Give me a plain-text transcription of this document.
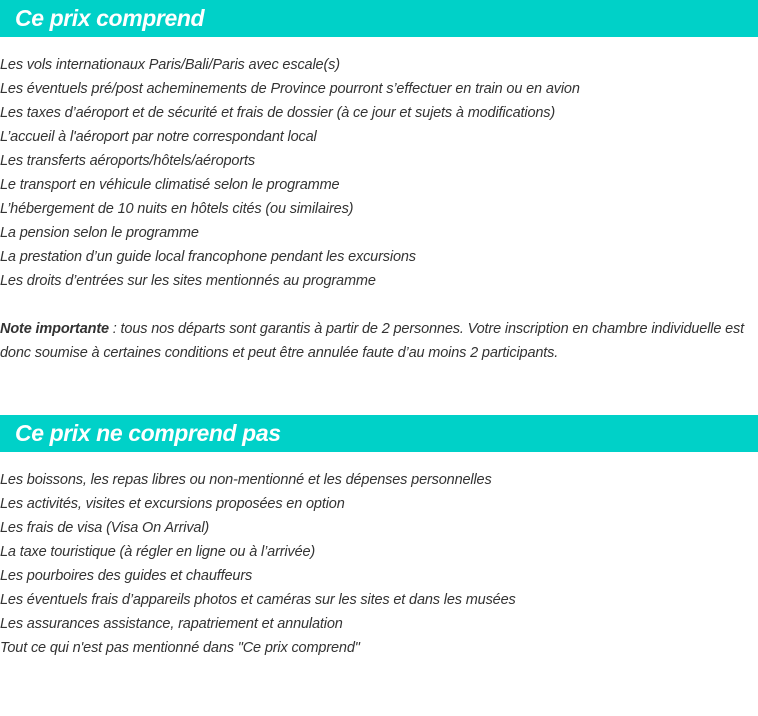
Ce prix comprend
Les vols internationaux Paris/Bali/Paris avec escale(s)
Les éventuels pré/post acheminements de Province pourront s’effectuer en train ou en avion
Les taxes d’aéroport et de sécurité et frais de dossier (à ce jour et sujets à modifications)
L’accueil à l'aéroport par notre correspondant local
Les transferts aéroports/hôtels/aéroports
Le transport en véhicule climatisé selon le programme
L’hébergement de 10 nuits en hôtels cités (ou similaires)
La pension selon le programme
La prestation d’un guide local francophone pendant les excursions
Les droits d’entrées sur les sites mentionnés au programme

Note importante : tous nos départs sont garantis à partir de 2 personnes. Votre inscription en chambre individuelle est donc soumise à certaines conditions et peut être annulée faute d’au moins 2 participants.

Ce prix ne comprend pas
Les boissons, les repas libres ou non-mentionné et les dépenses personnelles
Les activités, visites et excursions proposées en option
Les frais de visa (Visa On Arrival)
La taxe touristique (à régler en ligne ou à l’arrivée)
Les pourboires des guides et chauffeurs
Les éventuels frais d’appareils photos et caméras sur les sites et dans les musées
Les assurances assistance, rapatriement et annulation
Tout ce qui n'est pas mentionné dans "Ce prix comprend"
